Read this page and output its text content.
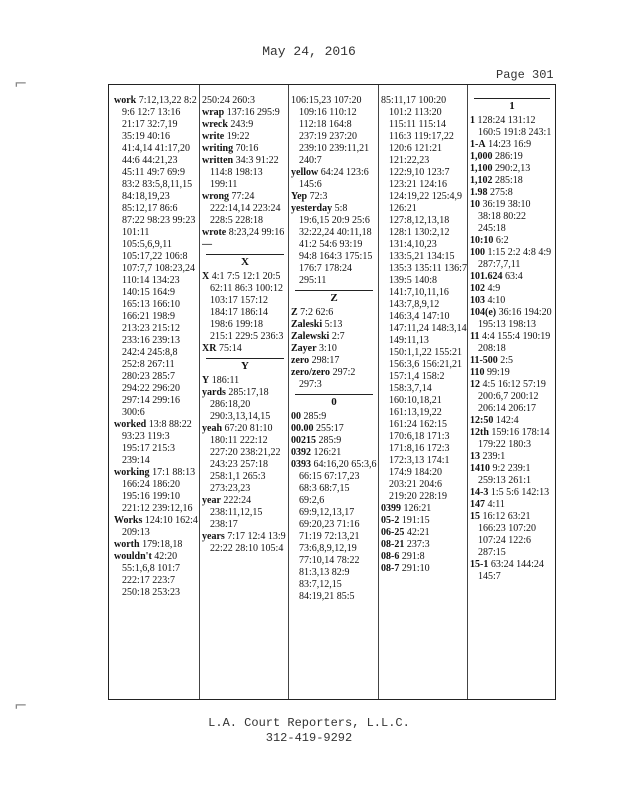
May 24, 2016
Page 301
⌐
⌐
work 7:12,13,22 8:2 9:6 12:7 13:16 21:17 32:7,19 35:19 40:16 41:4,14 41:17,20 44:6 44:21,23 45:11 49:7 69:9 83:2 83:5,8,11,15 84:18,19,23 85:12,17 86:6 87:22 98:23 99:23 101:11 105:5,6,9,11 105:17,22 106:8 107:7,7 108:23,24 110:14 134:23 140:15 164:9 165:13 166:10 166:21 198:9 213:23 215:12 233:16 239:13 242:4 245:8,8 252:8 267:11 280:23 285:7 294:22 296:20 297:14 299:16 300:6
worked 13:8 88:22 93:23 119:3 195:17 215:3 239:14
working 17:1 88:13 166:24 186:20 195:16 199:10 221:12 239:12,16
Works 124:10 162:4 209:13
worth 179:18,18
wouldn't 42:20 55:1,6,8 101:7 222:17 223:7 250:18 253:23
250:24 260:3
wrap 137:16 295:9
wreck 243:9
write 19:22
writing 70:16
written 34:3 91:22 114:8 198:13 199:11
wrong 77:24 222:14,14 223:24 228:5 228:18
wrote 8:23,24 99:16
—
X
X 4:1 7:5 12:1 20:5 62:11 86:3 100:12 103:17 157:12 184:17 186:14 198:6 199:18 215:1 229:5 236:3
XR 75:14
Y
Y 186:11
yards 285:17,18 286:18,20 290:3,13,14,15
yeah 67:20 81:10 180:11 222:12 227:20 238:21,22 243:23 257:18 258:1,1 265:3 273:23,23
year 222:24 238:11,12,15 238:17
years 7:17 12:4 13:9 22:22 28:10 105:4
106:15,23 107:20 109:16 110:12 112:18 164:8 237:19 237:20 239:10 239:11,21 240:7
yellow 64:24 123:6 145:6
Yep 72:3
yesterday 5:8 19:6,15 20:9 25:6 32:22,24 40:11,18 41:2 54:6 93:19 94:8 164:3 175:15 176:7 178:24 295:11
Z
Z 7:2 62:6
Zaleski 5:13
Zalewski 2:7
Zayer 3:10
zero 298:17
zero/zero 297:2 297:3
0
00 285:9
00.00 255:17
00215 285:9
0392 126:21
0393 64:16,20 65:3,6 66:15 67:17,23 68:3 68:7,15 69:2,6 69:9,12,13,17 69:20,23 71:16 71:19 72:13,21 73:6,8,9,12,19 77:10,14 78:22 81:3,13 82:9 83:7,12,15 84:19,21 85:5
85:11,17 100:20 101:2 113:20 115:11 115:14 116:3 119:17,22 120:6 121:21 121:22,23 122:9,10 123:7 123:21 124:16 124:19,22 125:4,9 126:21 127:8,12,13,18 128:1 130:2,12 131:4,10,23 133:5,21 134:15 135:3 135:11 136:7 139:5 140:8 141:7,10,11,16 143:7,8,9,12 146:3,4 147:10 147:11,24 148:3,14 149:11,13 150:1,1,22 155:21 156:3,6 156:21,21 157:1,4 158:2 158:3,7,14 160:10,18,21 161:13,19,22 161:24 162:15 170:6,18 171:3 171:8,16 172:3 172:3,13 174:1 174:9 184:20 203:21 204:6 219:20 228:19
0399 126:21
05-2 191:15
06-25 42:21
08-21 237:3
08-6 291:8
08-7 291:10
1
1 128:24 131:12 160:5 191:8 243:1
1-A 14:23 16:9
1,000 286:19
1,100 290:2,13
1,102 285:18
1.98 275:8
10 36:19 38:10 38:18 80:22 245:18
10:10 6:2
100 1:15 2:2 4:8 4:9 287:7,7,11
101.624 63:4
102 4:9
103 4:10
104(e) 36:16 194:20 195:13 198:13
11 4:4 155:4 190:19 208:18
11-500 2:5
110 99:19
12 4:5 16:12 57:19 200:6,7 200:12 206:14 206:17
12:50 142:4
12th 159:16 178:14 179:22 180:3
13 239:1
1410 9:2 239:1 259:13 261:1
14-3 1:5 5:6 142:13
147 4:11
15 16:12 63:21 166:23 107:20 107:24 122:6 287:15
15-1 63:24 144:24 145:7
L.A. Court Reporters, L.L.C.
312-419-9292
